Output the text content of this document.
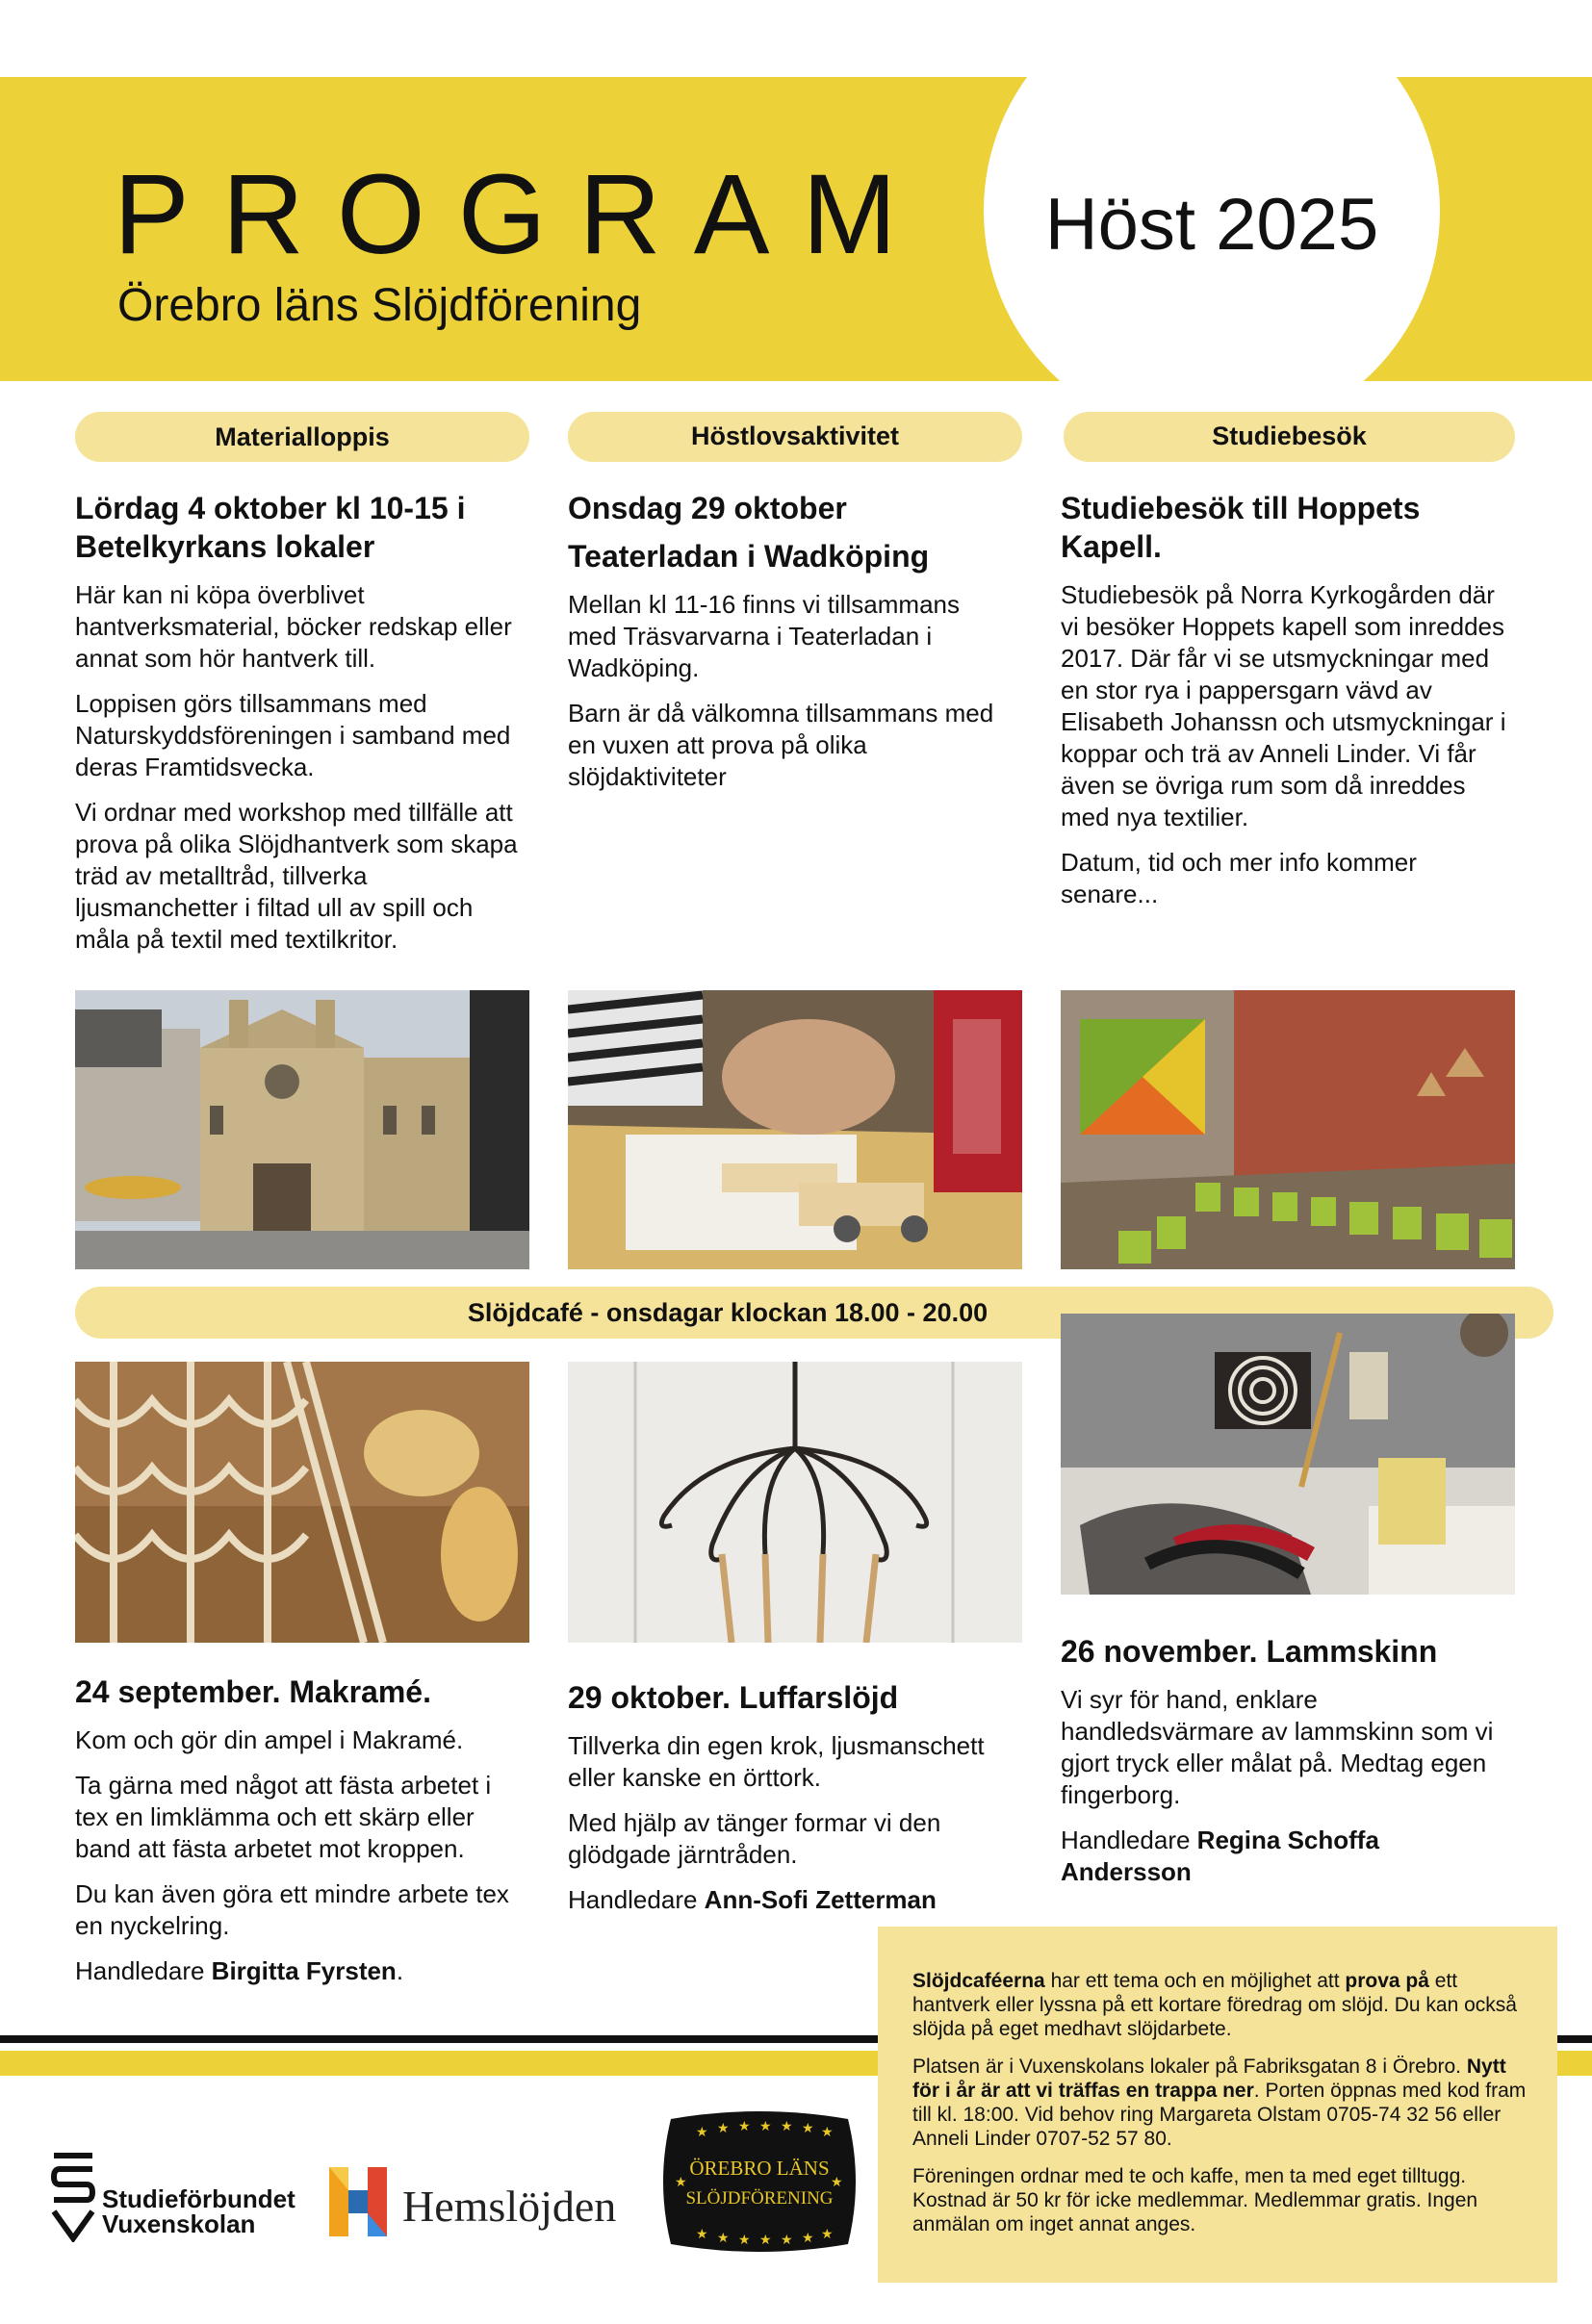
Höst 2025
PROGRAM
Örebro läns Slöjdförening
Materialloppis	Höstlovsaktivitet	Studiebesök
Lördag 4 oktober kl 10-15 i Betelkyrkans lokaler

Här kan ni köpa överblivet hantverksmaterial, böcker redskap eller annat som hör hantverk till.

Loppisen görs tillsammans med Naturskyddsföreningen i samband med deras Framtidsvecka.

Vi ordnar med workshop med tillfälle att prova på olika Slöjdhantverk som skapa träd av metalltråd, tillverka ljusmanchetter i filtad ull av spill och måla på textil med textilkritor.

Onsdag 29 oktober
Teaterladan i Wadköping

Mellan kl 11-16 finns vi tillsammans med Träsvarvarna i Teaterladan i Wadköping.

Barn är då välkomna tillsammans med en vuxen att prova på olika slöjdaktiviteter

Studiebesök till Hoppets Kapell.

Studiebesök på Norra Kyrkogården där vi besöker Hoppets kapell som inreddes 2017. Där får vi se utsmyckningar med en stor rya i pappersgarn vävd av Elisabeth Johanssn och utsmyckningar i koppar och trä av Anneli Linder. Vi får även se övriga rum som då inreddes med nya textilier.

Datum, tid och mer info kommer senare...

Slöjdcafé - onsdagar klockan 18.00 - 20.00
24 september. Makramé.

Kom och gör din ampel i Makramé.

Ta gärna med något att fästa arbetet i tex en limklämma och ett skärp eller band att fästa arbetet mot kroppen.

Du kan även göra ett mindre arbete tex en nyckelring.

Handledare Birgitta Fyrsten.

29 oktober. Luffarslöjd

Tillverka din egen krok, ljusmanschett eller kanske en örttork.

Med hjälp av tänger formar vi den glödgade järntråden.

Handledare Ann-Sofi Zetterman

26 november. Lammskinn

Vi syr för hand, enklare handledsvärmare av lammskinn som vi gjort tryck eller målat på. Medtag egen fingerborg.

Handledare Regina Schoffa Andersson

Slöjdcaféerna har ett tema och en möjlighet att prova på ett hantverk eller lyssna på ett kortare föredrag om slöjd. Du kan också slöjda på eget medhavt slöjdarbete.

Platsen är i Vuxenskolans lokaler på Fabriksgatan 8 i Örebro. Nytt för i år är att vi träffas en trappa ner. Porten öppnas med kod fram till kl. 18:00. Vid behov ring Margareta Olstam 0705-74 32 56 eller Anneli Linder 0707-52 57 80.

Föreningen ordnar med te och kaffe, men ta med eget tilltugg. Kostnad är 50 kr för icke medlemmar. Medlemmar gratis. Ingen anmälan om inget annat anges.

Studieförbundet
Vuxenskolan	Hemslöjden
★ ★ ★ ★ ★ ★ ★
★ ★ ★ ★ ★ ★ ★
★	★
ÖREBRO LÄNS
SLÖJDFÖRENING
